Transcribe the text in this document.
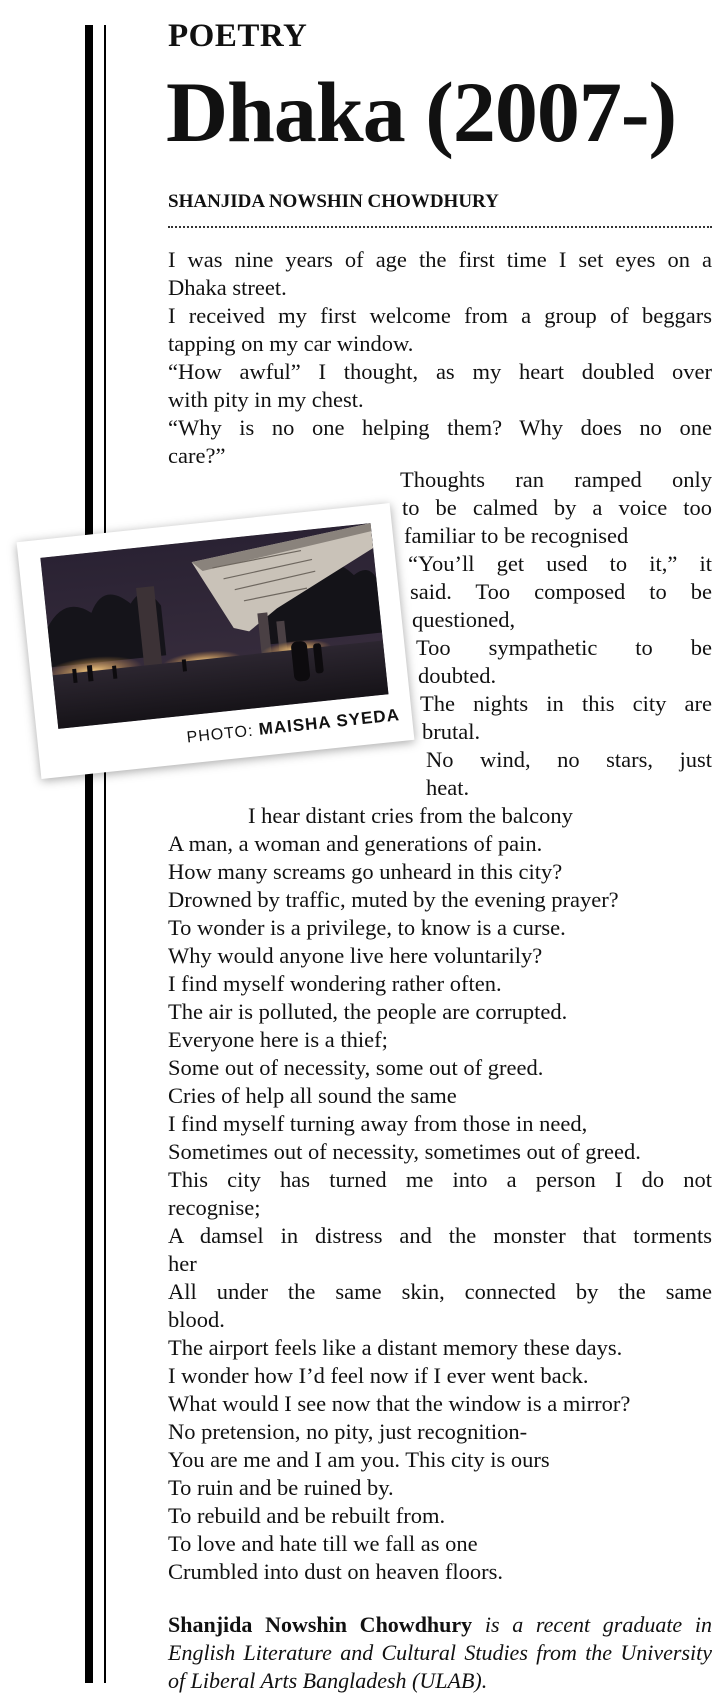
POETRY
Dhaka (2007-)
SHANJIDA NOWSHIN CHOWDHURY
I was nine years of age the first time I set eyes on a
Dhaka street.
I received my first welcome from a group of beggars
tapping on my car window.
“How awful” I thought, as my heart doubled over
with pity in my chest.
“Why is no one helping them? Why does no one
care?”
Thoughts ran ramped only
to be calmed by a voice too
familiar to be recognised
“You’ll get used to it,” it
said. Too composed to be
questioned,
Too sympathetic to be
doubted.
The nights in this city are
brutal.
No wind, no stars, just
heat.
PHOTO: MAISHA SYEDA
I hear distant cries from the balcony
A man, a woman and generations of pain.
How many screams go unheard in this city?
Drowned by traffic, muted by the evening prayer?
To wonder is a privilege, to know is a curse.
Why would anyone live here voluntarily?
I find myself wondering rather often.
The air is polluted, the people are corrupted.
Everyone here is a thief;
Some out of necessity, some out of greed.
Cries of help all sound the same
I find myself turning away from those in need,
Sometimes out of necessity, sometimes out of greed.
This city has turned me into a person I do not
recognise;
A damsel in distress and the monster that torments
her
All under the same skin, connected by the same
blood.
The airport feels like a distant memory these days.
I wonder how I’d feel now if I ever went back.
What would I see now that the window is a mirror?
No pretension, no pity, just recognition-
You are me and I am you. This city is ours
To ruin and be ruined by.
To rebuild and be rebuilt from.
To love and hate till we fall as one
Crumbled into dust on heaven floors.

Shanjida Nowshin Chowdhury is a recent graduate in English Literature and Cultural Studies from the University of Liberal Arts Bangladesh (ULAB).
